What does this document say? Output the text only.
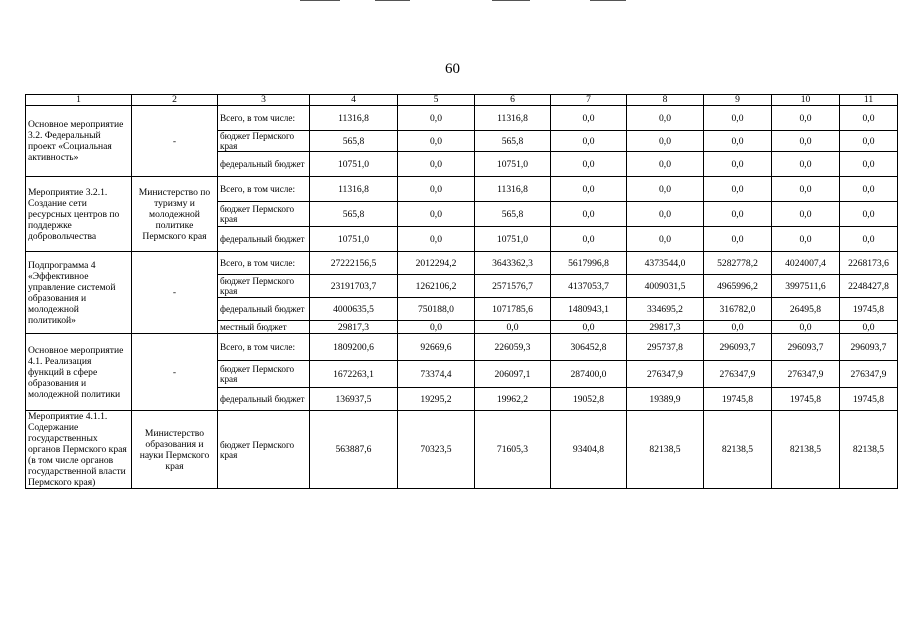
60
1	2	3	4	5	6	7	8	9	10	11
Основное мероприятие 3.2. Федеральный проект «Социальная активность»	-	Всего, в том числе:	11316,8	0,0	11316,8	0,0	0,0	0,0	0,0	0,0
		бюджет Пермского края	565,8	0,0	565,8	0,0	0,0	0,0	0,0	0,0
		федеральный бюджет	10751,0	0,0	10751,0	0,0	0,0	0,0	0,0	0,0
Мероприятие 3.2.1. Создание сети ресурсных центров по поддержке добровольчества	Министерство по туризму и молодежной политике Пермского края	Всего, в том числе:	11316,8	0,0	11316,8	0,0	0,0	0,0	0,0	0,0
		бюджет Пермского края	565,8	0,0	565,8	0,0	0,0	0,0	0,0	0,0
		федеральный бюджет	10751,0	0,0	10751,0	0,0	0,0	0,0	0,0	0,0
Подпрограмма 4 «Эффективное управление системой образования и молодежной политикой»	-	Всего, в том числе:	27222156,5	2012294,2	3643362,3	5617996,8	4373544,0	5282778,2	4024007,4	2268173,6
		бюджет Пермского края	23191703,7	1262106,2	2571576,7	4137053,7	4009031,5	4965996,2	3997511,6	2248427,8
		федеральный бюджет	4000635,5	750188,0	1071785,6	1480943,1	334695,2	316782,0	26495,8	19745,8
		местный бюджет	29817,3	0,0	0,0	0,0	29817,3	0,0	0,0	0,0
Основное мероприятие 4.1. Реализация функций в сфере образования и молодежной политики	-	Всего, в том числе:	1809200,6	92669,6	226059,3	306452,8	295737,8	296093,7	296093,7	296093,7
		бюджет Пермского края	1672263,1	73374,4	206097,1	287400,0	276347,9	276347,9	276347,9	276347,9
		федеральный бюджет	136937,5	19295,2	19962,2	19052,8	19389,9	19745,8	19745,8	19745,8
Мероприятие 4.1.1. Содержание государственных органов Пермского края (в том числе органов государственной власти Пермского края)	Министерство образования и науки Пермского края	бюджет Пермского края	563887,6	70323,5	71605,3	93404,8	82138,5	82138,5	82138,5	82138,5
